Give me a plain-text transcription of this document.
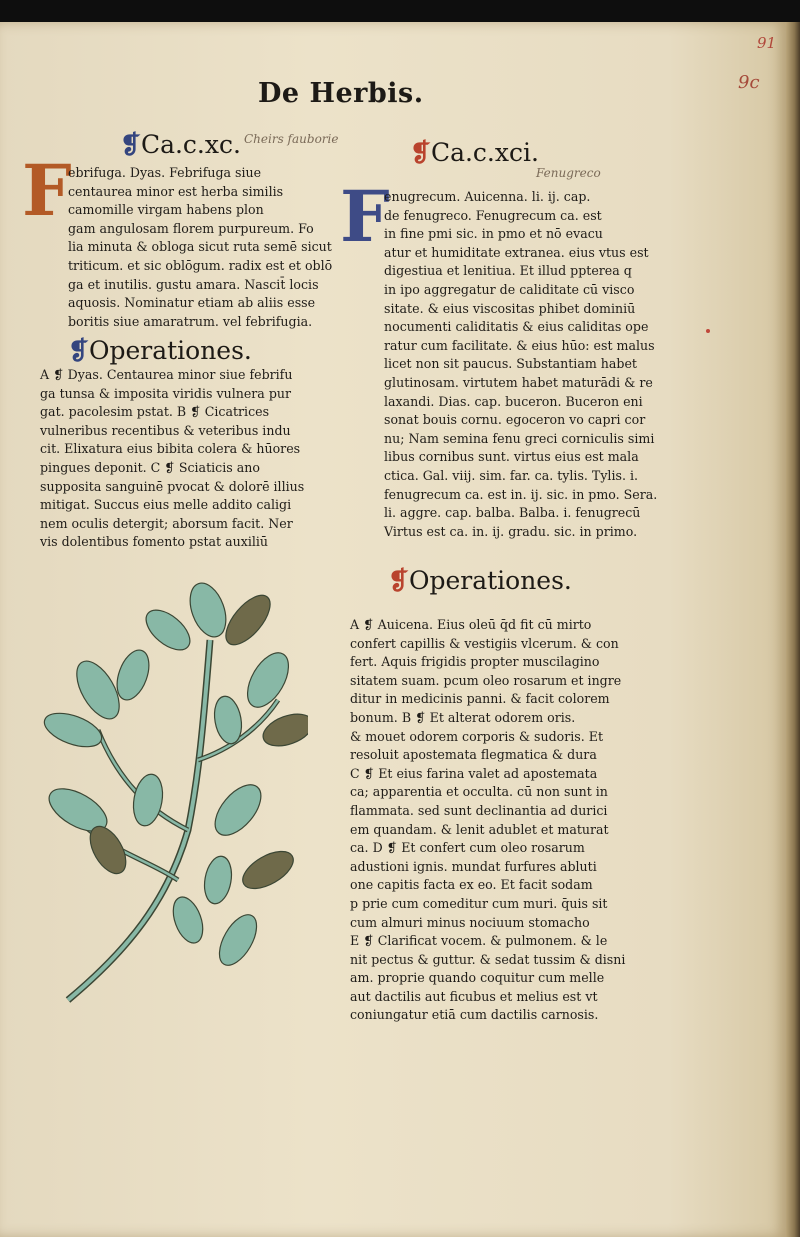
91
9c
De Herbis.
❡Ca.c.xc. Cheirs fauborie
F

ebrifuga. Dyas. Febrifuga siue

centaurea minor est herba similis

camomille virgam habens plon

gam angulosam florem purpureum. Fo

lia minuta & obloga sicut ruta semē sicut

triticum. et sic oblōgum. radix est et oblō

ga et inutilis. gustu amara. Nascit̄ locis

aquosis. Nominatur etiam ab aliis esse

boritis siue amaratrum. vel febrifugia.

❡Operationes.

A ❡ Dyas. Centaurea minor siue febrifu

ga tunsa & imposita viridis vulnera pur

gat. pacolesim pstat. B ❡ Cicatrices

vulneribus recentibus & veteribus indu

cit. Elixatura eius bibita colera & hūores

pingues deponit. C ❡ Sciaticis ano

supposita sanguinē pvocat & dolorē illius

mitigat. Succus eius melle addito caligi

nem oculis detergit; aborsum facit. Ner

vis dolentibus fomento pstat auxiliū

❡Ca.c.xci.
Fenugreco
F

enugrecum. Auicenna. li. ij. cap.

de fenugreco. Fenugrecum ca. est

in fine pmi sic. in pmo et nō evacu

atur et humiditate extranea. eius vtus est

digestiua et lenitiua. Et illud ppterea q

in ipo aggregatur de caliditate cū visco

sitate. & eius viscositas phibet dominiū

nocumenti caliditatis & eius caliditas ope

ratur cum facilitate. & eius hūo: est malus

licet non sit paucus. Substantiam habet

glutinosam. virtutem habet maturādi & re

laxandi. Dias. cap. buceron. Buceron eni

sonat bouis cornu. egoceron vo capri cor

nu; Nam semina fenu greci corniculis simi

libus cornibus sunt. virtus eius est mala

ctica. Gal. viij. sim. far. ca. tylis. Tylis. i.

fenugrecum ca. est in. ij. sic. in pmo. Sera.

li. aggre. cap. balba. Balba. i. fenugrecū

Virtus est ca. in. ij. gradu. sic. in primo.

❡Operationes.

A ❡ Auicena. Eius oleū q̄d fit cū mirto

confert capillis & vestigiis vlcerum. & con

fert. Aquis frigidis propter muscilagino

sitatem suam. pcum oleo rosarum et ingre

ditur in medicinis panni. & facit colorem

bonum. B ❡ Et alterat odorem oris.

& mouet odorem corporis & sudoris. Et

resoluit apostemata flegmatica & dura

C ❡ Et eius farina valet ad apostemata

ca; apparentia et occulta. cū non sunt in

flammata. sed sunt declinantia ad durici

em quandam. & lenit adublet et maturat

ca. D ❡ Et confert cum oleo rosarum

adustioni ignis. mundat furfures abluti

one capitis facta ex eo. Et facit sodam

p prie cum comeditur cum muri. q̄uis sit

cum almuri minus nociuum stomacho

E ❡ Clarificat vocem. & pulmonem. & le

nit pectus & guttur. & sedat tussim & disni

am. proprie quando coquitur cum melle

aut dactilis aut ficubus et melius est vt

coniungatur etiā cum dactilis carnosis.
